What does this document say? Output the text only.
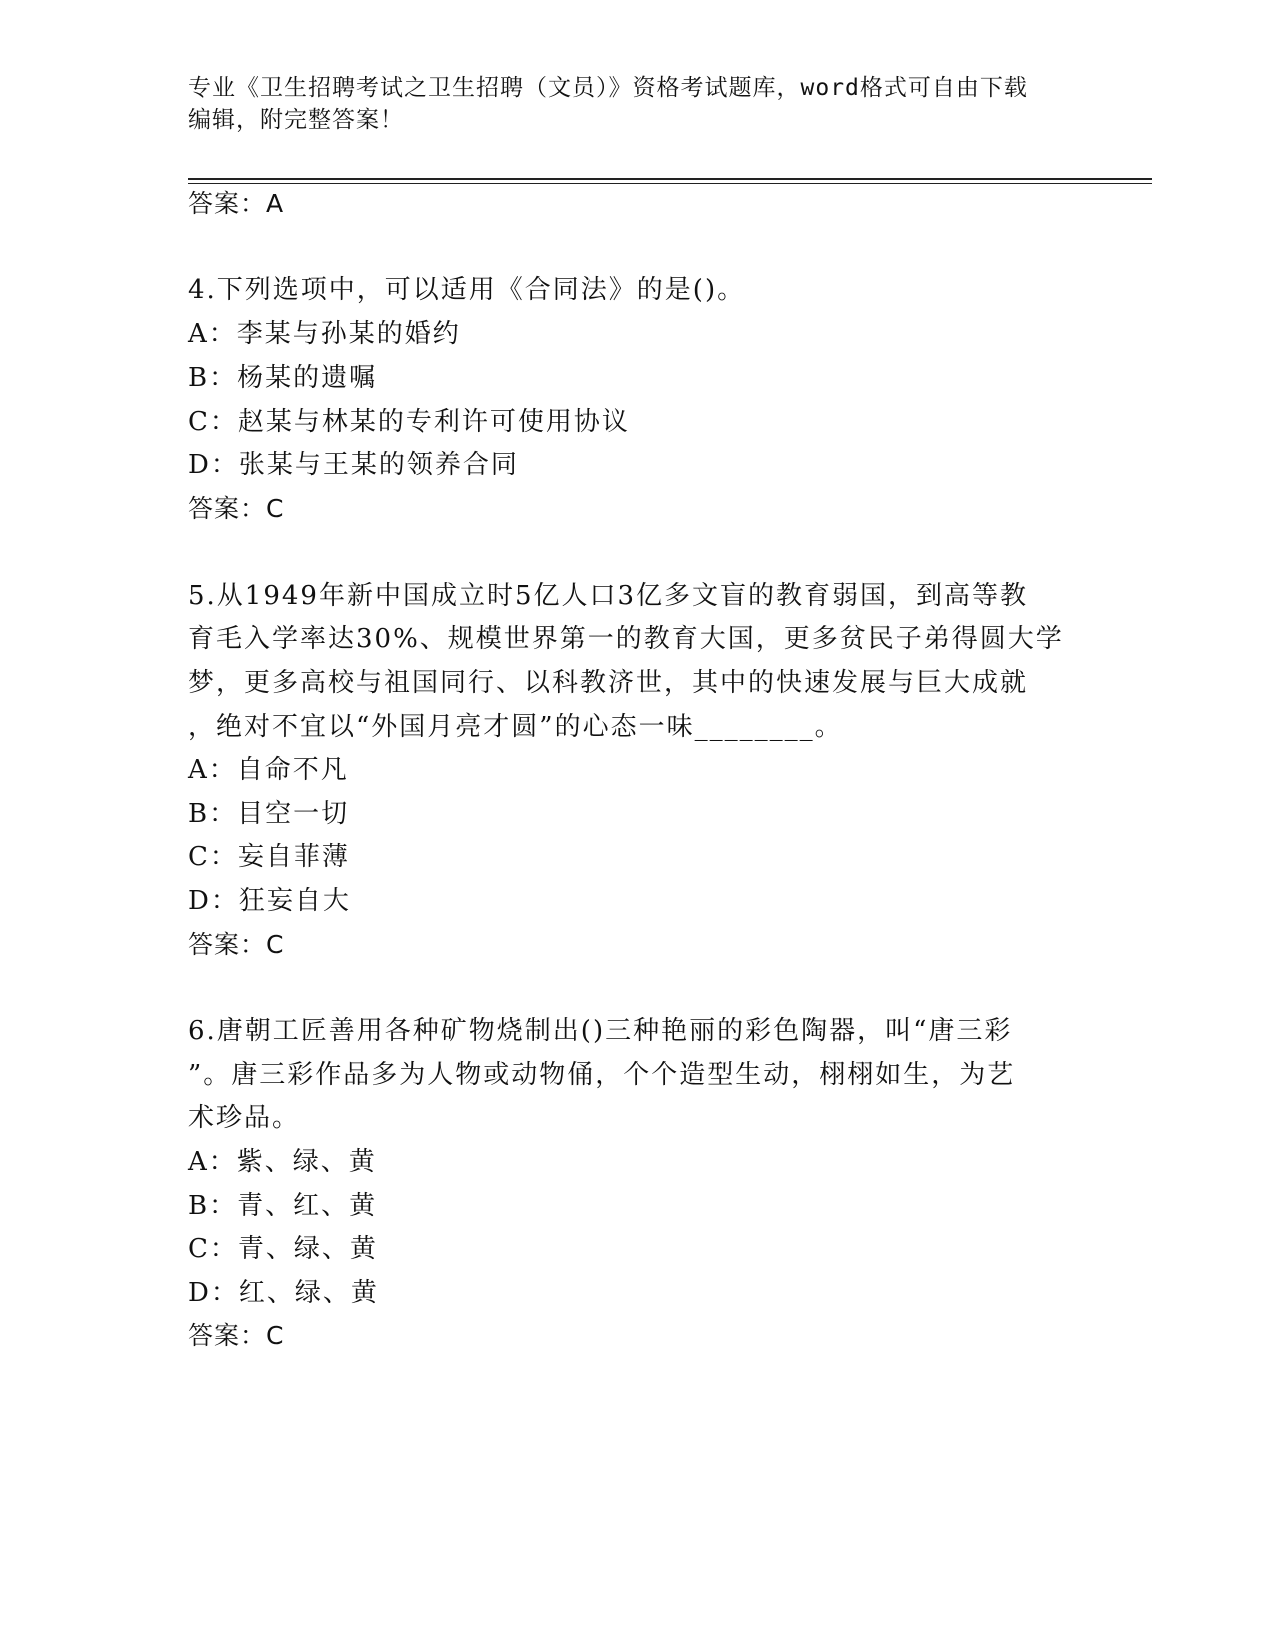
专业《卫生招聘考试之卫生招聘（文员）》资格考试题库，word格式可自由下载
编辑，附完整答案！
答案：A
4.下列选项中，可以适用《合同法》的是()。
A：李某与孙某的婚约
B：杨某的遗嘱
C：赵某与林某的专利许可使用协议
D：张某与王某的领养合同
答案：C
5.从1949年新中国成立时5亿人口3亿多文盲的教育弱国，到高等教
育毛入学率达30%、规模世界第一的教育大国，更多贫民子弟得圆大学
梦，更多高校与祖国同行、以科教济世，其中的快速发展与巨大成就
，绝对不宜以“外国月亮才圆”的心态一味________。
A：自命不凡
B：目空一切
C：妄自菲薄
D：狂妄自大
答案：C
6.唐朝工匠善用各种矿物烧制出()三种艳丽的彩色陶器，叫“唐三彩
”。唐三彩作品多为人物或动物俑，个个造型生动，栩栩如生，为艺
术珍品。
A：紫、绿、黄
B：青、红、黄
C：青、绿、黄
D：红、绿、黄
答案：C
